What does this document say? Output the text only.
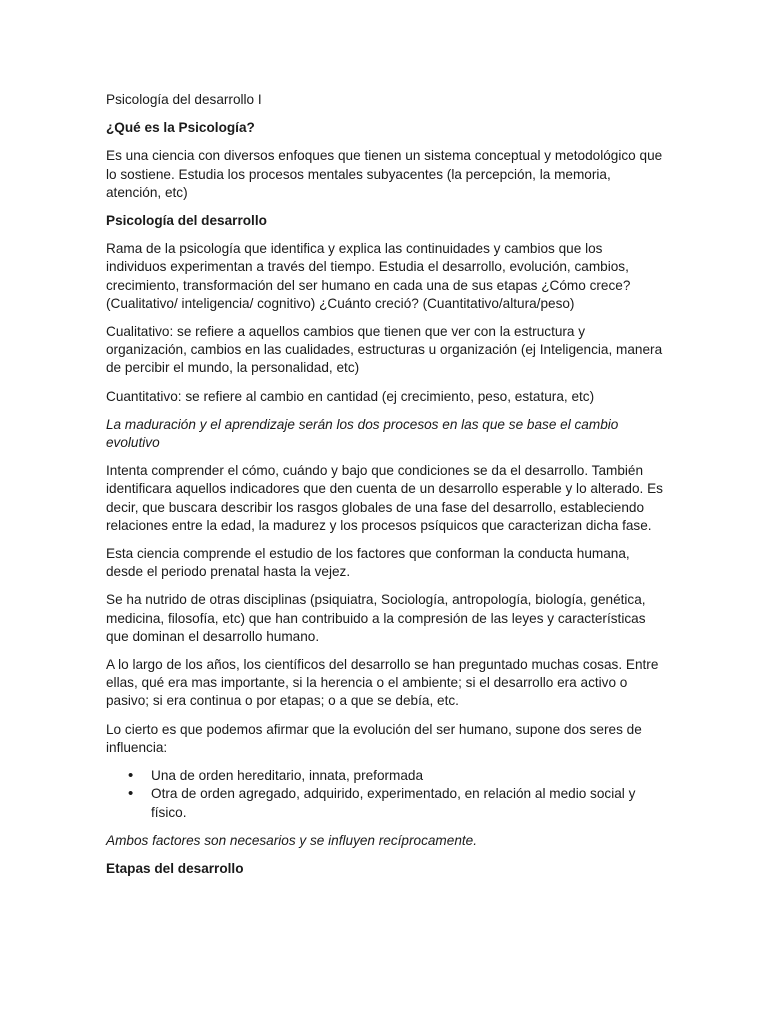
Psicología del desarrollo I

¿Qué es la Psicología?

Es una ciencia con diversos enfoques que tienen un sistema conceptual y metodológico que lo sostiene. Estudia los procesos mentales subyacentes (la percepción, la memoria, atención, etc)

Psicología del desarrollo

Rama de la psicología que identifica y explica las continuidades y cambios que los individuos experimentan a través del tiempo. Estudia el desarrollo, evolución, cambios, crecimiento, transformación del ser humano en cada una de sus etapas ¿Cómo crece? (Cualitativo/ inteligencia/ cognitivo) ¿Cuánto creció? (Cuantitativo/altura/peso)

Cualitativo: se refiere a aquellos cambios que tienen que ver con la estructura y organización, cambios en las cualidades, estructuras u organización (ej Inteligencia, manera de percibir el mundo, la personalidad, etc)

Cuantitativo: se refiere al cambio en cantidad (ej crecimiento, peso, estatura, etc)

La maduración y el aprendizaje serán los dos procesos en las que se base el cambio evolutivo

Intenta comprender el cómo, cuándo y bajo que condiciones se da el desarrollo. También identificara aquellos indicadores que den cuenta de un desarrollo esperable y lo alterado. Es decir, que buscara describir los rasgos globales de una fase del desarrollo, estableciendo relaciones entre la edad, la madurez y los procesos psíquicos que caracterizan dicha fase.

Esta ciencia comprende el estudio de los factores que conforman la conducta humana, desde el periodo prenatal hasta la vejez.

Se ha nutrido de otras disciplinas (psiquiatra, Sociología, antropología, biología, genética, medicina, filosofía, etc) que han contribuido a la compresión de las leyes y características que dominan el desarrollo humano.

A lo largo de los años, los científicos del desarrollo se han preguntado muchas cosas. Entre ellas, qué era mas importante, si la herencia o el ambiente; si el desarrollo era activo o pasivo; si era continua o por etapas; o a que se debía, etc.

Lo cierto es que podemos afirmar que la evolución del ser humano, supone dos seres de influencia:

• Una de orden hereditario, innata, preformada
• Otra de orden agregado, adquirido, experimentado, en relación al medio social y físico.

Ambos factores son necesarios y se influyen recíprocamente.

Etapas del desarrollo
